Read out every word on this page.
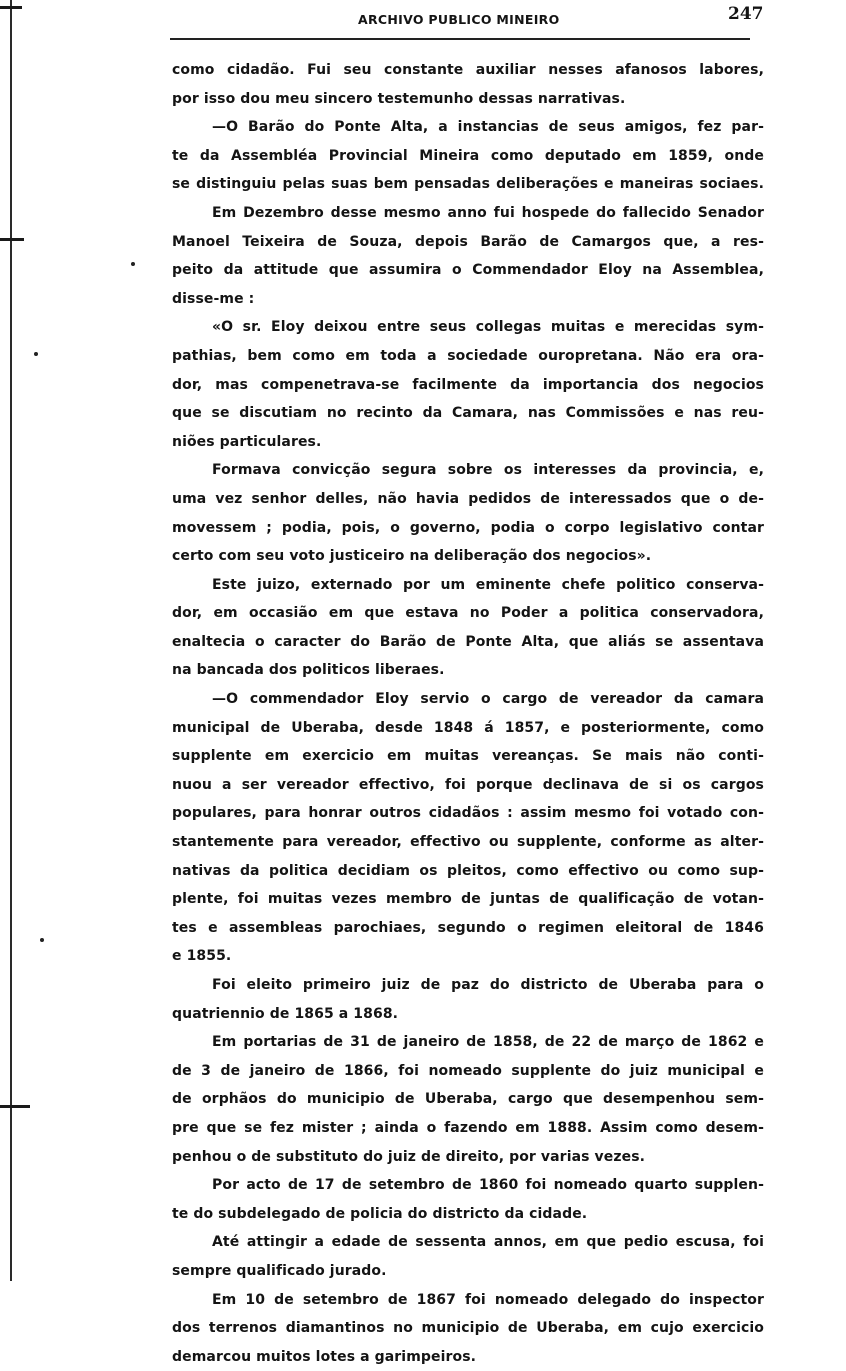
ARCHIVO PUBLICO MINEIRO	247
como cidadão. Fui seu constante auxiliar nesses afanosos labores,
por isso dou meu sincero testemunho dessas narrativas.
—O Barão do Ponte Alta, a instancias de seus amigos, fez par-
te da Assembléa Provincial Mineira como deputado em 1859, onde
se distinguiu pelas suas bem pensadas deliberações e maneiras sociaes.
Em Dezembro desse mesmo anno fui hospede do fallecido Senador
Manoel Teixeira de Souza, depois Barão de Camargos que, a res-
peito da attitude que assumira o Commendador Eloy na Assemblea,
disse-me :
«O sr. Eloy deixou entre seus collegas muitas e merecidas sym-
pathias, bem como em toda a sociedade ouropretana. Não era ora-
dor, mas compenetrava-se facilmente da importancia dos negocios
que se discutiam no recinto da Camara, nas Commissões e nas reu-
niões particulares.
Formava convicção segura sobre os interesses da provincia, e,
uma vez senhor delles, não havia pedidos de interessados que o de-
movessem ; podia, pois, o governo, podia o corpo legislativo contar
certo com seu voto justiceiro na deliberação dos negocios».
Este juizo, externado por um eminente chefe politico conserva-
dor, em occasião em que estava no Poder a politica conservadora,
enaltecia o caracter do Barão de Ponte Alta, que aliás se assentava
na bancada dos politicos liberaes.
—O commendador Eloy servio o cargo de vereador da camara
municipal de Uberaba, desde 1848 á 1857, e posteriormente, como
supplente em exercicio em muitas vereanças. Se mais não conti-
nuou a ser vereador effectivo, foi porque declinava de si os cargos
populares, para honrar outros cidadãos : assim mesmo foi votado con-
stantemente para vereador, effectivo ou supplente, conforme as alter-
nativas da politica decidiam os pleitos, como effectivo ou como sup-
plente, foi muitas vezes membro de juntas de qualificação de votan-
tes e assembleas parochiaes, segundo o regimen eleitoral de 1846
e 1855.
Foi eleito primeiro juiz de paz do districto de Uberaba para o
quatriennio de 1865 a 1868.
Em portarias de 31 de janeiro de 1858, de 22 de março de 1862 e
de 3 de janeiro de 1866, foi nomeado supplente do juiz municipal e
de orphãos do municipio de Uberaba, cargo que desempenhou sem-
pre que se fez mister ; ainda o fazendo em 1888. Assim como desem-
penhou o de substituto do juiz de direito, por varias vezes.
Por acto de 17 de setembro de 1860 foi nomeado quarto supplen-
te do subdelegado de policia do districto da cidade.
Até attingir a edade de sessenta annos, em que pedio escusa, foi
sempre qualificado jurado.
Em 10 de setembro de 1867 foi nomeado delegado do inspector
dos terrenos diamantinos no municipio de Uberaba, em cujo exercicio
demarcou muitos lotes a garimpeiros.
